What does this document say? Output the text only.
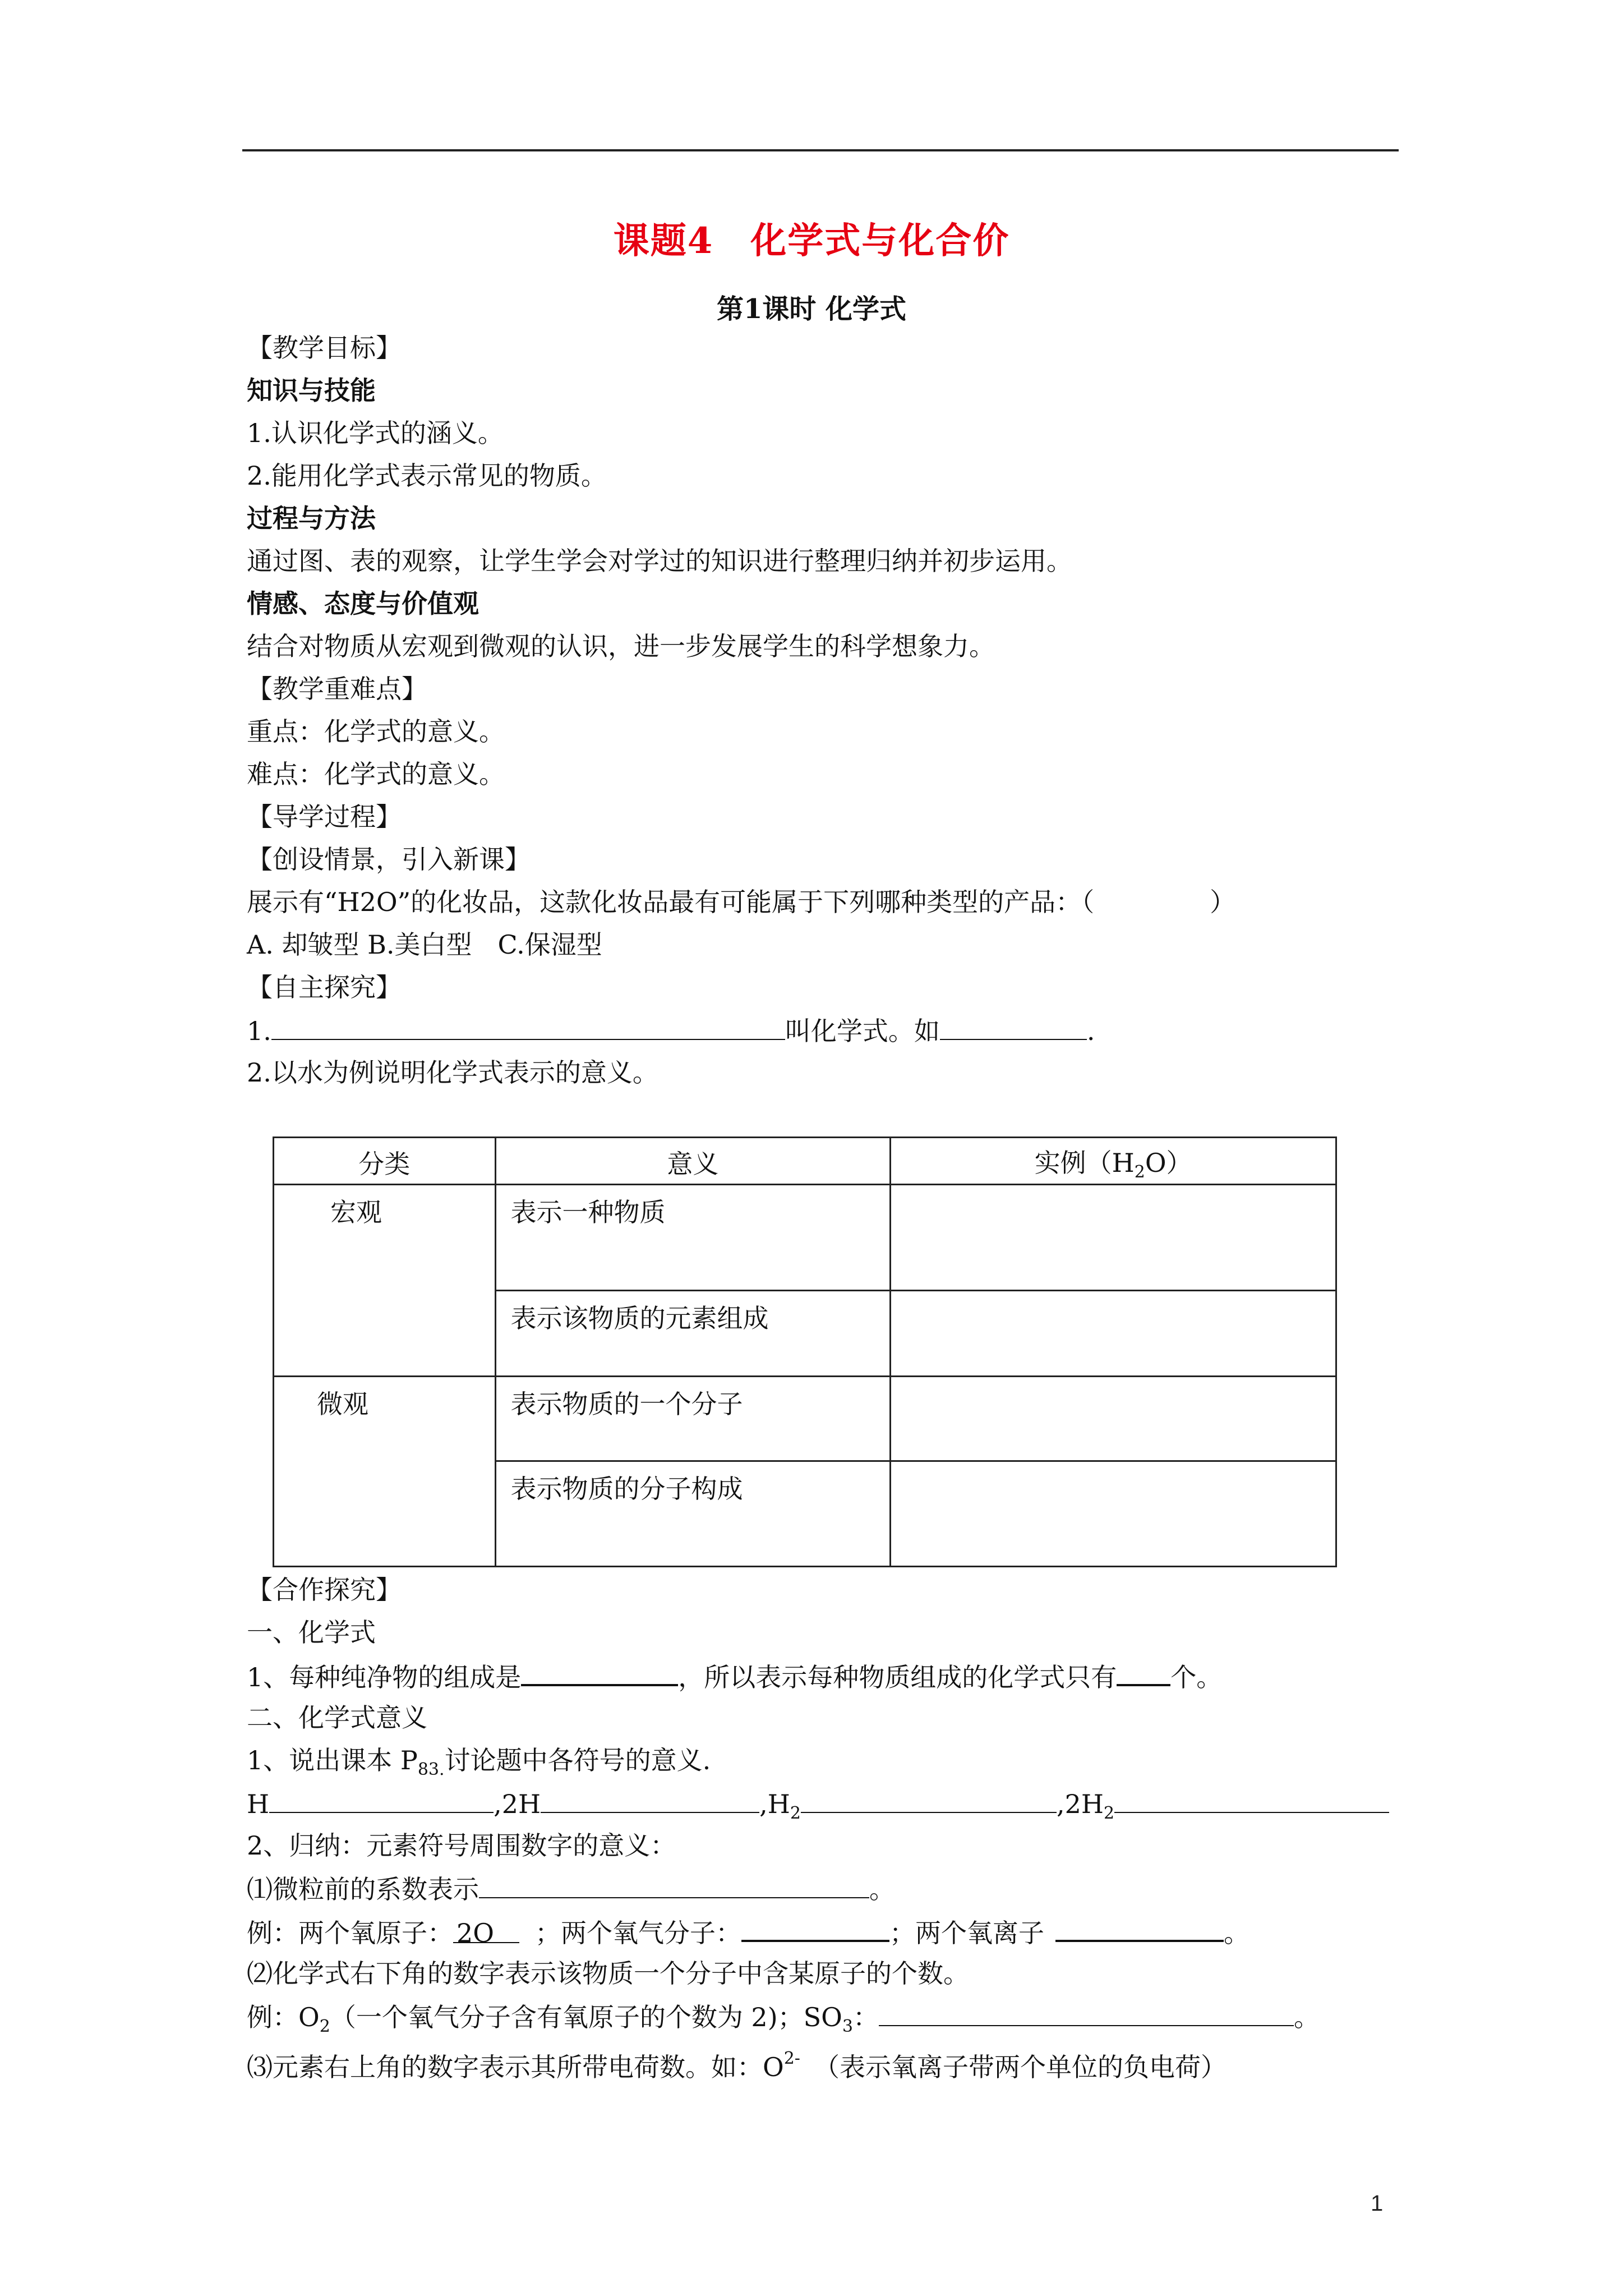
课题4　化学式与化合价
第1课时 化学式
【教学目标】
知识与技能
1.认识化学式的涵义。
2.能用化学式表示常见的物质。
过程与方法
通过图、表的观察，让学生学会对学过的知识进行整理归纳并初步运用。
情感、态度与价值观
结合对物质从宏观到微观的认识，进一步发展学生的科学想象力。
【教学重难点】
重点：化学式的意义。
难点：化学式的意义。
【导学过程】
【创设情景，引入新课】
展示有“H2O”的化妆品，这款化妆品最有可能属于下列哪种类型的产品：（	）
A. 却皱型 B.美白型　C.保湿型
【自主探究】
1.	叫化学式。如	.
2.以水为例说明化学式表示的意义。
分类	意义	实例$(H_2O)$
宏观	表示一种物质	
	表示该物质的元素组成	
微观	表示物质的一个分子	
	表示物质的分子构成	
【合作探究】
一、化学式
1、每种纯净物的组成是	，所以表示每种物质组成的化学式只有 个。
二、化学式意义
1、说出课本 $P_{83.}$讨论题中各符号的意义.
H	,2H	$,H_2$	$,2H_2$
2、归纳：元素符号周围数字的意义：
⑴微粒前的系数表示	。
例：两个氧原子： 2O ；两个氧气分子：	；两个氧离子	。
⑵化学式右下角的数字表示该物质一个分子中含某原子的个数。
例：$O_2$（一个氧气分子含有氧原子的个数为 2)；$SO_3$：	。
⑶元素右上角的数字表示其所带电荷数。如：$O^{2-}$ （表示氧离子带两个单位的负电荷）
1
